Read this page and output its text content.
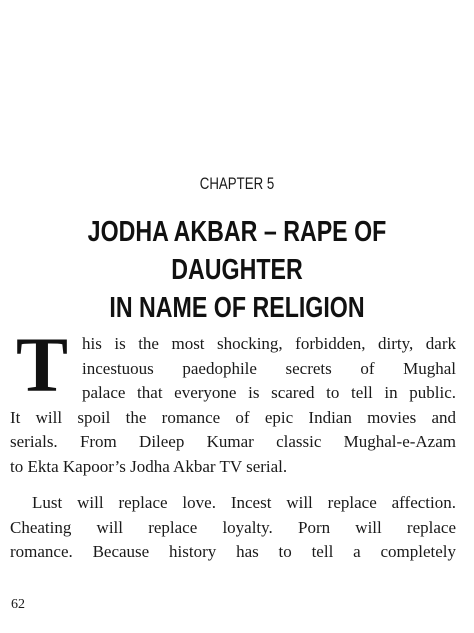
CHAPTER 5
JODHA AKBAR – RAPE OF DAUGHTER
IN NAME OF RELIGION
T his is the most shocking, forbidden, dirty, dark
incestuous paedophile secrets of Mughal
palace that everyone is scared to tell in public.
It will spoil the romance of epic Indian movies and
serials. From Dileep Kumar classic Mughal-e-Azam
to Ekta Kapoor’s Jodha Akbar TV serial.
Lust will replace love. Incest will replace affection.
Cheating will replace loyalty. Porn will replace
romance. Because history has to tell a completely
62
